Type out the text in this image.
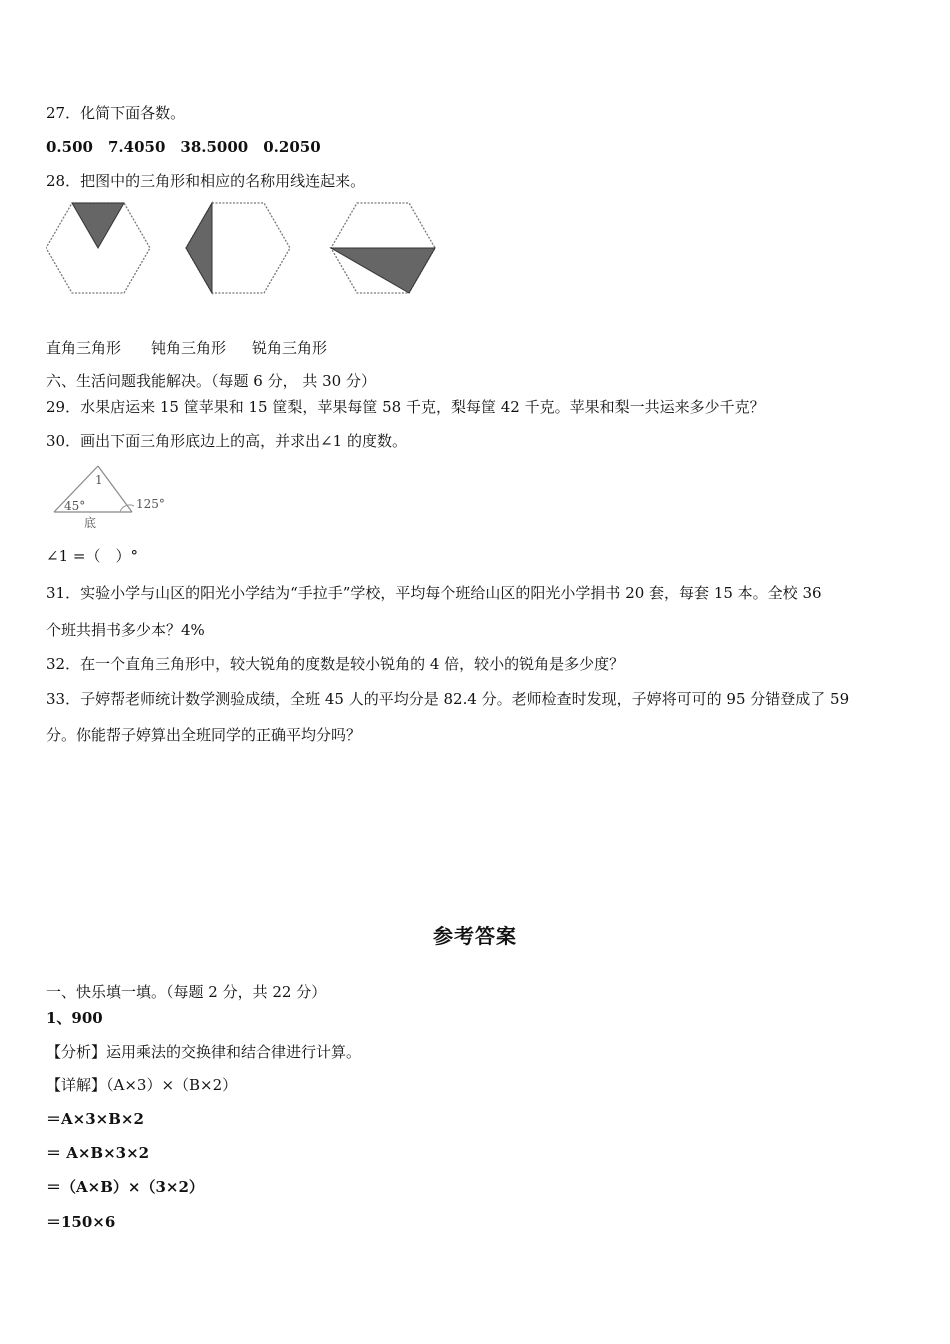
27．化简下面各数。
0.500　7.4050　38.5000　0.2050
28．把图中的三角形和相应的名称用线连起来。
直角三角形 钝角三角形 锐角三角形
六、生活问题我能解决。（每题 6 分， 共 30 分）
29．水果店运来 15 筐苹果和 15 筐梨，苹果每筐 58 千克，梨每筐 42 千克。苹果和梨一共运来多少千克？
30．画出下面三角形底边上的高，并求出∠1 的度数。
1
45°	125°
底
∠1 =（　）°
31．实验小学与山区的阳光小学结为“手拉手”学校，平均每个班给山区的阳光小学捐书 20 套，每套 15 本。全校 36
个班共捐书多少本？4%
32．在一个直角三角形中，较大锐角的度数是较小锐角的 4 倍，较小的锐角是多少度？
33．子婷帮老师统计数学测验成绩，全班 45 人的平均分是 82.4 分。老师检查时发现，子婷将可可的 95 分错登成了 59
分。你能帮子婷算出全班同学的正确平均分吗？
参考答案
一、快乐填一填。（每题 2 分，共 22 分）
1、900
【分析】运用乘法的交换律和结合律进行计算。
【详解】（A×3）×（B×2）
＝A×3×B×2
＝ A×B×3×2
＝（A×B）×（3×2）
＝150×6
